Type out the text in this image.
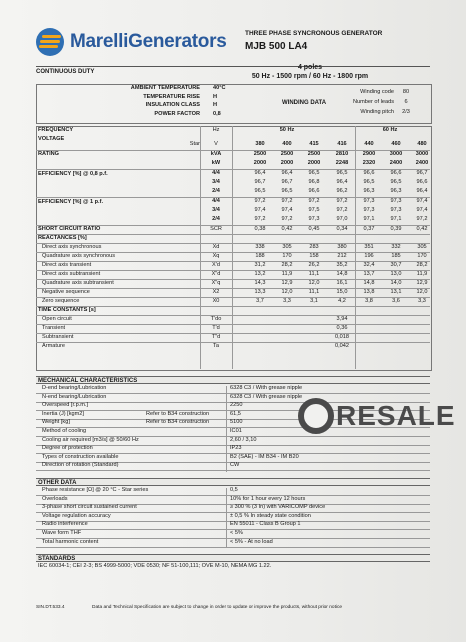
MarelliGenerators	THREE PHASE SYNCRONOUS GENERATOR
MJB 500 LA4
CONTINUOUS DUTY
4 poles
50 Hz - 1500 rpm / 60 Hz - 1800 rpm
AMBIENT TEMPERATURE 40°C
TEMPERATURE RISE H
INSULATION CLASS H
POWER FACTOR 0,8
WINDING DATA
Winding code	80
Number of leads	6
Winding pitch	2/3
FREQUENCY	Hz	50 Hz	60 Hz
VOLTAGE
Star	V	380	400	415	416	440	460	480
RATING	kVA	2500	2500	2500	2810	2900	3000	3000
kW	2000	2000	2000	2248	2320	2400	2400
EFFICIENCY [%] @ 0,8 p.f.	4/4	96,4	96,4	96,5	96,5	96,6	96,6	96,7
3/4	96,7	96,7	96,8	96,4	96,5	96,5	96,6
2/4	96,5	96,5	96,6	96,2	96,3	96,3	96,4
EFFICIENCY [%] @ 1 p.f.	4/4	97,2	97,2	97,2	97,2	97,3	97,3	97,4
3/4	97,4	97,4	97,5	97,2	97,3	97,3	97,4
2/4	97,2	97,2	97,3	97,0	97,1	97,1	97,2
SHORT CIRCUIT RATIO	SCR	0,38	0,42	0,45	0,34	0,37	0,39	0,42
REACTANCES [%]
Direct axis synchronous	Xd	338	305	283	380	351	332	305
Quadrature axis synchronous	Xq	188	170	158	212	196	185	170
Direct axis transient	X'd	31,2	28,2	26,2	35,2	32,4	30,7	28,2
Direct axis subtransient	X"d	13,2	11,9	11,1	14,8	13,7	13,0	11,9
Quadrature axis subtransient	X"q	14,3	12,9	12,0	16,1	14,8	14,0	12,9
Negative sequence	X2	13,3	12,0	11,1	15,0	13,8	13,1	12,0
Zero sequence	X0	3,7	3,3	3,1	4,2	3,8	3,6	3,3
TIME CONSTANTS [s]
Open circuit	T'do	3,94
Transient	T'd	0,36
Subtransient	T"d	0,018
Armature	Ta	0,042
MECHANICAL CHARACTERISTICS
D-end bearing/Lubrication	6328 C3 / With grease nipple
N-end bearing/Lubrication	6328 C3 / With grease nipple
Overspeed [r.p.m.]	2250
Inertia (J) [kgm2]	Refer to B34 construction	61,5
Weight [kg]	Refer to B34 construction	5100
Method of cooling	IC01
Cooling air required [m3/s] @ 50/60 Hz	2,60 / 3,10
Degree of protection	IP23
Types of construction available	B2 (SAE) - IM B34 - IM B20
Direction of rotation (Standard)	CW
OTHER DATA
Phase resistance [Ω] @ 20 °C - Star series	0,5
Overloads	10% for 1 hour every 12 hours
3-phase short circuit sustained current	≥ 300 % (3 In) with VARICOMP device
Voltage regulation accuracy	± 0,5 % In steady state condition
Radio interference	EN 55011 - Class B Group 1
Wave form THF	< 5%
Total harmonic content	< 5% - At no load
STANDARDS
IEC 60034-1; CEI 2-3; BS 4999-5000; VDE 0530; NF 51-100,111; OVE M-10, NEMA MG 1.22.
RESALE
SIN.DT.533.4	Data and Technical Specification are subject to change in order to update or improve the products, without prior notice
